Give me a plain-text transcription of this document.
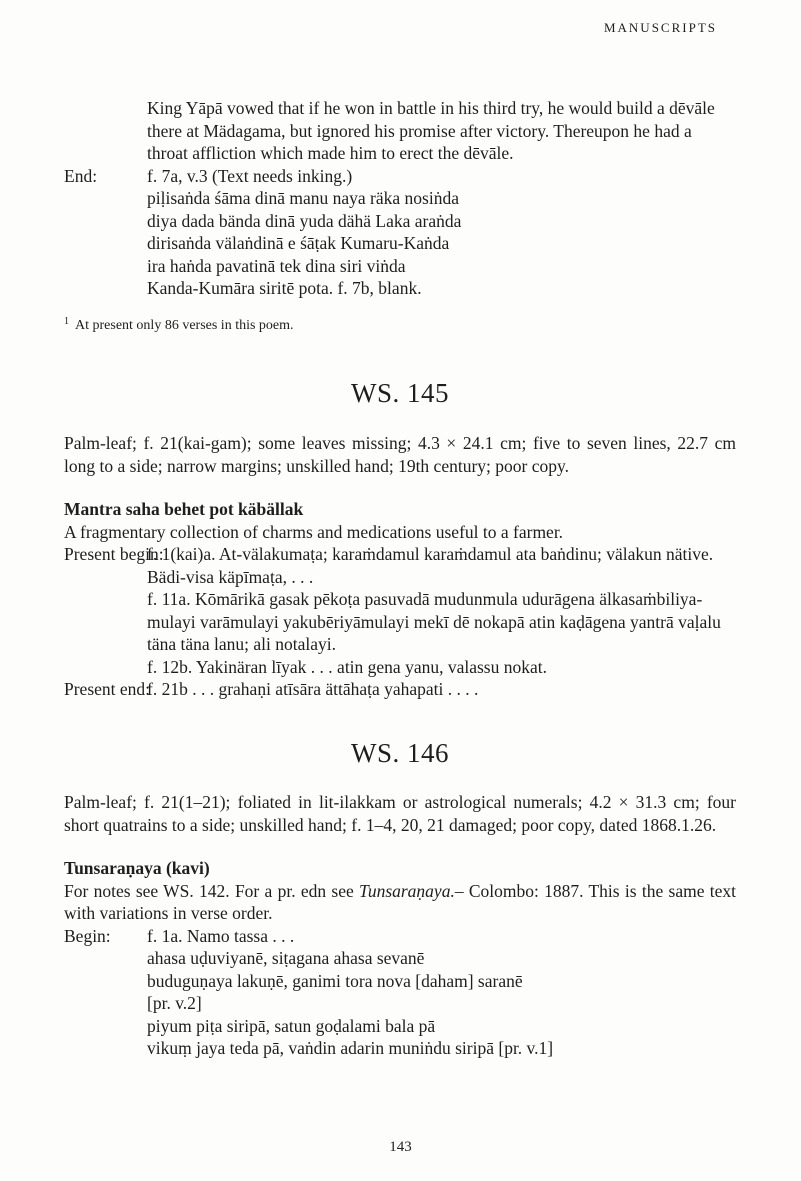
MANUSCRIPTS
King Yāpā vowed that if he won in battle in his third try, he would build a dēvāle
there at Mädagama, but ignored his promise after victory. Thereupon he had a
throat affliction which made him to erect the dēvāle.
End:	f. 7a, v.3 (Text needs inking.)
piḷisaṅda śāma dinā manu naya räka nosiṅda
diya dada bända dinā yuda dähä Laka araṅda
dirisaṅda välaṅdinā e śāṭak Kumaru-Kaṅda
ira haṅda pavatinā tek dina siri viṅda
Kanda-Kumāra siritē pota. f. 7b, blank.
$^1$ At present only 86 verses in this poem.
WS. 145

Palm-leaf; f. 21(kai-gam); some leaves missing; 4.3 × 24.1 cm; five to seven lines, 22.7 cm long to a side; narrow margins; unskilled hand; 19th century; poor copy.

Mantra saha behet pot käbällak

A fragmentary collection of charms and medications useful to a farmer.

Present begin:
f. 1(kai)a. At-välakumaṭa; karaṁdamul karaṁdamul ata baṅdinu; välakun nätive.
Bädi-visa käpīmaṭa, . . .
f. 11a. Kōmārikā gasak pēkoṭa pasuvadā mudunmula udurāgena älkasaṁbiliya-
mulayi varāmulayi yakubēriyāmulayi mekī dē nokapā atin kaḍāgena yantrā vaḷalu
täna täna lanu; ali notalayi.
f. 12b. Yakinäran līyak . . . atin gena yanu, valassu nokat.
Present end:
f. 21b . . . grahaṇi atīsāra ättāhaṭa yahapati . . . .
WS. 146

Palm-leaf; f. 21(1–21); foliated in lit-ilakkam or astrological numerals; 4.2 × 31.3 cm; four short quatrains to a side; unskilled hand; f. 1–4, 20, 21 damaged; poor copy, dated 1868.1.26.

Tunsaraṇaya (kavi)

For notes see WS. 142. For a pr. edn see Tunsaraṇaya.– Colombo: 1887. This is the same text with variations in verse order.

Begin: f. 1a. Namo tassa . . .
ahasa uḍuviyanē, siṭagana ahasa sevanē
buduguṇaya lakuṇē, ganimi tora nova [daham] saranē
[pr. v.2]
piyum piṭa siripā, satun goḍalami bala pā
vikuṃ jaya teda pā, vaṅdin adarin muniṅdu siripā [pr. v.1]
143
